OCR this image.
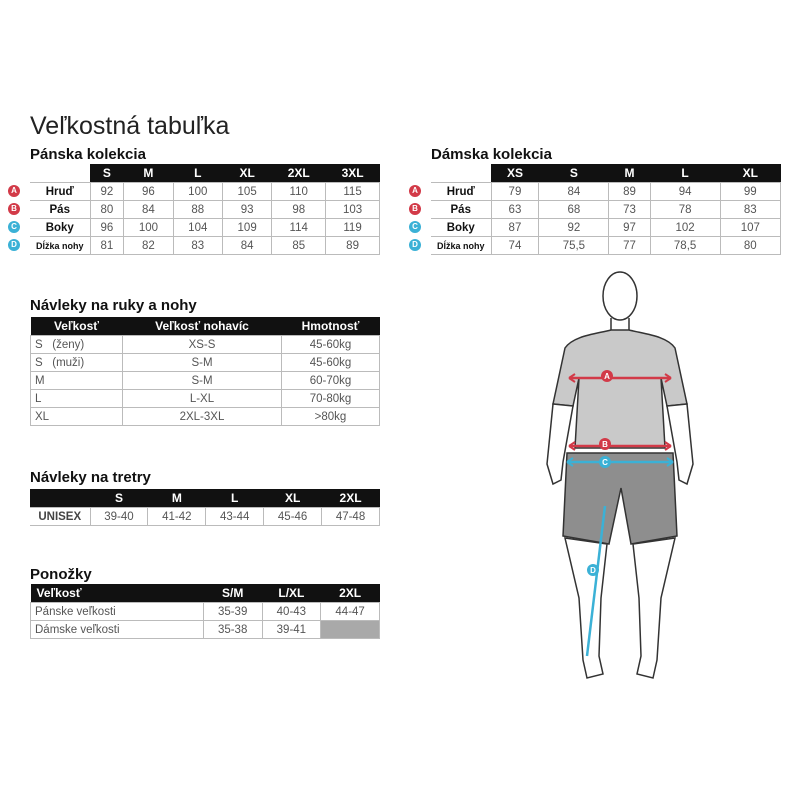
Veľkostná tabuľka
Pánska kolekcia
	S	M	L	XL	2XL	3XL

A Hruď	92	96	100	105	110	115

B Pás	80	84	88	93	98	103

C Boky	96	100	104	109	114	119

D Dĺžka nohy	81	82	83	84	85	89
Dámska kolekcia
	XS	S	M	L	XL

A Hruď	79	84	89	94	99

B Pás	63	68	73	78	83

C Boky	87	92	97	102	107

D Dĺžka nohy	74	75,5	77	78,5	80
Návleky na ruky a nohy
Veľkosť	Veľkosť nohavíc	Hmotnosť
S   (ženy)	XS-S	45-60kg
S   (muži)	S-M	45-60kg
M	S-M	60-70kg
L	L-XL	70-80kg
XL	2XL-3XL	>80kg
Návleky na tretry
	S	M	L	XL	2XL
UNISEX	39-40	41-42	43-44	45-46	47-48
Ponožky
Veľkosť	S/M	L/XL	2XL
Pánske veľkosti	35-39	40-43	44-47
Dámske veľkosti	35-38	39-41	
A
B
C
D
